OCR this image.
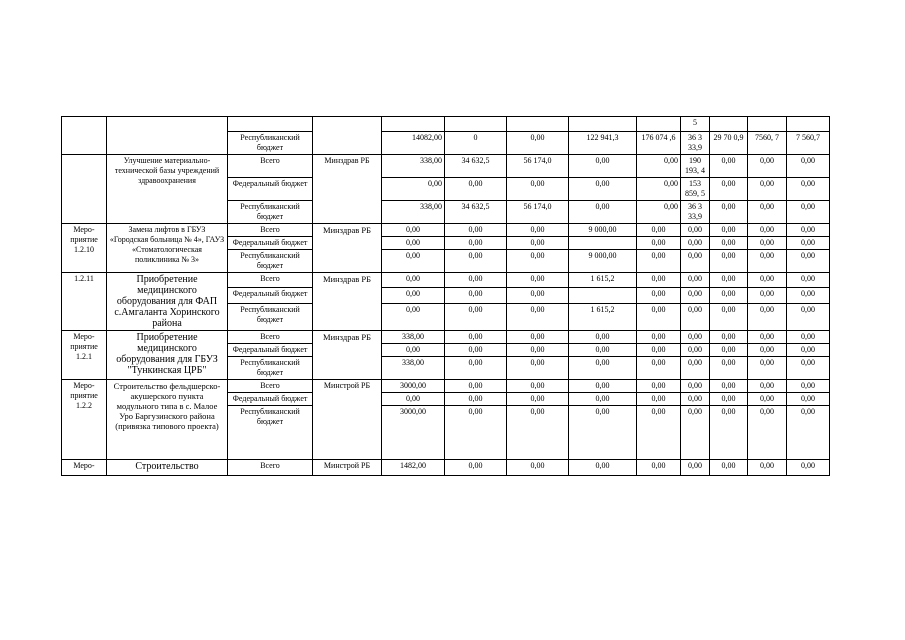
									5			
		Республиканский бюджет		14082,00	0	0,00	122 941,3	176 074 ,6	36 3 33,9	29 70 0,9	7560, 7	7 560,7
	Улучшение материально-технической базы учреждений здравоохранения	Всего	Минздрав РБ	338,00	34 632,5	56 174,0	0,00	0,00	190 193, 4	0,00	0,00	0,00
		Федеральный бюджет		0,00	0,00	0,00	0,00	0,00	153 859, 5	0,00	0,00	0,00
		Республиканский бюджет		338,00	34 632,5	56 174,0	0,00	0,00	36 3 33,9	0,00	0,00	0,00
Меро-приятие 1.2.10	Замена лифтов в ГБУЗ «Городская больница № 4», ГАУЗ «Стоматологическая поликлиника № 3»	Всего	Минздрав РБ	0,00	0,00	0,00	9 000,00	0,00	0,00	0,00	0,00	0,00
		Федеральный бюджет		0,00	0,00	0,00		0,00	0,00	0,00	0,00	0,00
		Республиканский бюджет		0,00	0,00	0,00	9 000,00	0,00	0,00	0,00	0,00	0,00
1.2.11	Приобретение медицинского оборудования для ФАП с.Амгаланта Хоринского района	Всего	Минздрав РБ	0,00	0,00	0,00	1 615,2	0,00	0,00	0,00	0,00	0,00
		Федеральный бюджет		0,00	0,00	0,00		0,00	0,00	0,00	0,00	0,00
		Республиканский бюджет		0,00	0,00	0,00	1 615,2	0,00	0,00	0,00	0,00	0,00
Меро-приятие 1.2.1	Приобретение медицинского оборудования для ГБУЗ "Тункинская ЦРБ"	Всего	Минздрав РБ	338,00	0,00	0,00	0,00	0,00	0,00	0,00	0,00	0,00
		Федеральный бюджет		0,00	0,00	0,00	0,00	0,00	0,00	0,00	0,00	0,00
		Республиканский бюджет		338,00	0,00	0,00	0,00	0,00	0,00	0,00	0,00	0,00
Меро-приятие 1.2.2	Строительство фельдшерско-акушерского пункта модульного типа в с. Малое Уро Баргузинского района (привязка типового проекта)	Всего	Минстрой РБ	3000,00	0,00	0,00	0,00	0,00	0,00	0,00	0,00	0,00
		Федеральный бюджет		0,00	0,00	0,00	0,00	0,00	0,00	0,00	0,00	0,00
		Республиканский бюджет		3000,00	0,00	0,00	0,00	0,00	0,00	0,00	0,00	0,00
Меро-	Строительство	Всего	Минстрой РБ	1482,00	0,00	0,00	0,00	0,00	0,00	0,00	0,00	0,00
